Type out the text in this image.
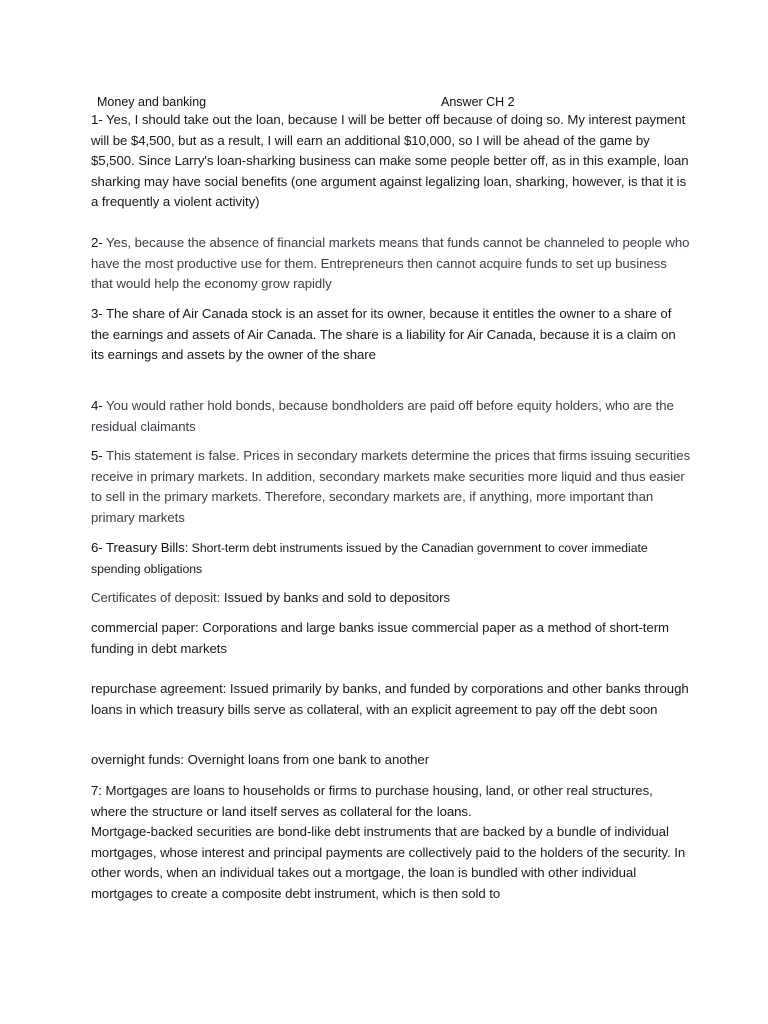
Money and banking	Answer CH 2
1- Yes, I should take out the loan, because I will be better off because of doing so. My interest payment will be $4,500, but as a result, I will earn an additional $10,000, so I will be ahead of the game by $5,500. Since Larry's loan-sharking business can make some people better off, as in this example, loan sharking may have social benefits (one argument against legalizing loan, sharking, however, is that it is a frequently a violent activity)
2- Yes, because the absence of financial markets means that funds cannot be channeled to people who have the most productive use for them. Entrepreneurs then cannot acquire funds to set up business that would help the economy grow rapidly
3- The share of Air Canada stock is an asset for its owner, because it entitles the owner to a share of the earnings and assets of Air Canada. The share is a liability for Air Canada, because it is a claim on its earnings and assets by the owner of the share
4- You would rather hold bonds, because bondholders are paid off before equity holders, who are the residual claimants
5- This statement is false. Prices in secondary markets determine the prices that firms issuing securities receive in primary markets. In addition, secondary markets make securities more liquid and thus easier to sell in the primary markets. Therefore, secondary markets are, if anything, more important than primary markets
6- Treasury Bills: Short-term debt instruments issued by the Canadian government to cover immediate spending obligations
Certificates of deposit: Issued by banks and sold to depositors
commercial paper: Corporations and large banks issue commercial paper as a method of short-term funding in debt markets
repurchase agreement: Issued primarily by banks, and funded by corporations and other banks through loans in which treasury bills serve as collateral, with an explicit agreement to pay off the debt soon
overnight funds: Overnight loans from one bank to another
7: Mortgages are loans to households or firms to purchase housing, land, or other real structures, where the structure or land itself serves as collateral for the loans.
Mortgage-backed securities are bond-like debt instruments that are backed by a bundle of individual mortgages, whose interest and principal payments are collectively paid to the holders of the security. In other words, when an individual takes out a mortgage, the loan is bundled with other individual mortgages to create a composite debt instrument, which is then sold to
